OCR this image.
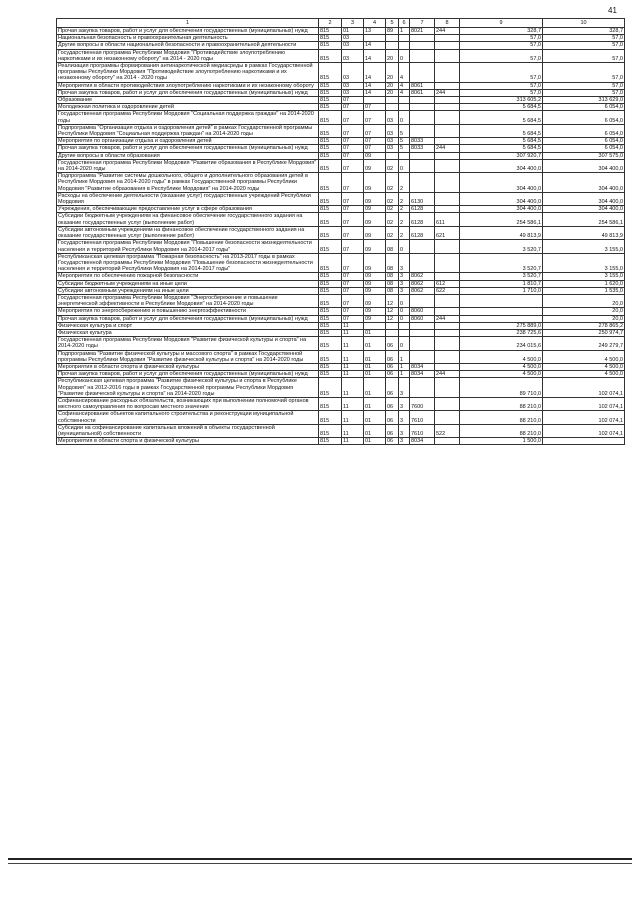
41
1	2	3	4	5	6	7	8	9	10
Прочая закупка товаров, работ и услуг для обеспечения государственных (муниципальных) нужд	815	01	13	89	1	8021	244	328,7	328,7
Национальная безопасность и правоохранительная деятельность	815	03						57,0	57,0
Другие вопросы в области национальной безопасности и правоохранительной деятельности	815	03	14					57,0	57,0
Государственная программа Республики Мордовия "Противодействие злоупотреблению наркотиками и их незаконному обороту" на 2014 - 2020 годы	815	03	14	20	0			57,0	57,0
Реализация программы формирования антинаркотической медиасреды в рамках Государственной программы Республики Мордовия "Противодействие злоупотреблению наркотиками и их незаконному обороту" на 2014 - 2020 годы	815	03	14	20	4			57,0	57,0
Мероприятия в области противодействия злоупотреблению наркотиками и их незаконному обороту	815	03	14	20	4	8061		57,0	57,0
Прочая закупка товаров, работ и услуг для обеспечения государственных (муниципальных) нужд	815	03	14	20	4	8061	244	57,0	57,0
Образование	815	07						313 605,2	313 629,0
Молодежная политика и оздоровление детей	815	07	07					5 684,5	6 054,0
Государственная программа Республики Мордовия "Социальная поддержка граждан" на 2014-2020 годы	815	07	07	03	0			5 684,5	6 054,0
Подпрограмма "Организация отдыха и оздоровления детей" в рамках Государственной программы Республики Мордовия "Социальная поддержка граждан" на 2014-2020 годы	815	07	07	03	5			5 684,5	6 054,0
Мероприятия по организации отдыха и оздоровления детей	815	07	07	03	5	8033		5 684,5	6 054,0
Прочая закупка товаров, работ и услуг для обеспечения государственных (муниципальных) нужд	815	07	07	03	5	8033	244	5 684,5	6 054,0
Другие вопросы в области образования	815	07	09					307 920,7	307 575,0
Государственная программа Республики Мордовия "Развитие образования в Республике Мордовия" на 2014-2020 годы	815	07	09	02	0			304 400,0	304 400,0
Подпрограмма "Развитие системы дошкольного, общего и дополнительного образования детей в Республике Мордовия на 2014-2020 годы" в рамках Государственной программы Республики Мордовия "Развитие образования в Республике Мордовия" на 2014-2020 годы	815	07	09	02	2			304 400,0	304 400,0
Расходы на обеспечение деятельности (оказание услуг) государственных учреждений Республики Мордовия	815	07	09	02	2	6130		304 400,0	304 400,0
Учреждения, обеспечивающие предоставление услуг в сфере образования	815	07	09	02	2	6128		304 400,0	304 400,0
Субсидии бюджетным учреждениям на финансовое обеспечение государственного задания на оказание государственных услуг (выполнение работ)	815	07	09	02	2	6128	611	254 586,1	254 586,1
Субсидии автономным учреждениям на финансовое обеспечение государственного задания на оказание государственных услуг (выполнение работ)	815	07	09	02	2	6128	621	49 813,9	49 813,9
Государственная программа Республики Мордовия "Повышение безопасности жизнедеятельности населения и территорий Республики Мордовия на 2014-2017 годы"	815	07	09	08	0			3 520,7	3 155,0
Республиканская целевая программа "Пожарная безопасность" на 2013-2017 годы в рамках Государственной программы Республики Мордовия "Повышение безопасности жизнедеятельности населения и территорий Республики Мордовия на 2014-2017 годы"	815	07	09	08	3			3 520,7	3 155,0
Мероприятия по обеспечению пожарной безопасности	815	07	09	08	3	8062		3 520,7	3 155,0
Субсидии бюджетным учреждениям на иные цели	815	07	09	08	3	8062	612	1 810,7	1 620,0
Субсидии автономным учреждениям на иные цели	815	07	09	08	3	8062	622	1 710,0	1 535,0
Государственная программа Республики Мордовия "Энергосбережение и повышение энергетической эффективности в Республике Мордовия" на 2014-2020 годы	815	07	09	12	0				20,0
Мероприятия по энергосбережению и повышению энергоэффективности	815	07	09	12	0	8060			20,0
Прочая закупка товаров, работ и услуг для обеспечения государственных (муниципальных) нужд	815	07	09	12	0	8060	244		20,0
Физическая культура и спорт	815	11						275 889,0	278 865,2
Физическая культура	815	11	01					238 725,6	250 974,7
Государственная программа Республики Мордовия "Развитие физической культуры и спорта" на 2014-2020 годы	815	11	01	06	0			234 015,6	249 279,7
Подпрограмма "Развитие физической культуры и массового спорта" в рамках Государственной программы Республики Мордовия "Развитие физической культуры и спорта" на 2014-2020 годы	815	11	01	06	1			4 500,0	4 500,0
Мероприятия в области спорта и физической культуры	815	11	01	06	1	8034		4 500,0	4 500,0
Прочая закупка товаров, работ и услуг для обеспечения государственных (муниципальных) нужд	815	11	01	06	1	8034	244	4 500,0	4 500,0
Республиканская целевая программа "Развитие физической культуры и спорта в Республике Мордовия" на 2012-2016 годы в рамках Государственной программы Республики Мордовия "Развитие физической культуры и спорта" на 2014-2020 годы	815	11	01	06	3			89 710,0	102 074,1
Софинансирование расходных обязательств, возникающих при выполнении полномочий органов местного самоуправления по вопросам местного значения	815	11	01	06	3	7600		88 210,0	102 074,1
Софинансирование объектов капитального строительства и реконструкции муниципальной собственности	815	11	01	06	3	7610		88 210,0	102 074,1
Субсидии на софинансирование капитальных вложений в объекты государственной (муниципальной) собственности	815	11	01	06	3	7610	522	88 210,0	102 074,1
Мероприятия в области спорта и физической культуры	815	11	01	06	3	8034		1 500,0	
